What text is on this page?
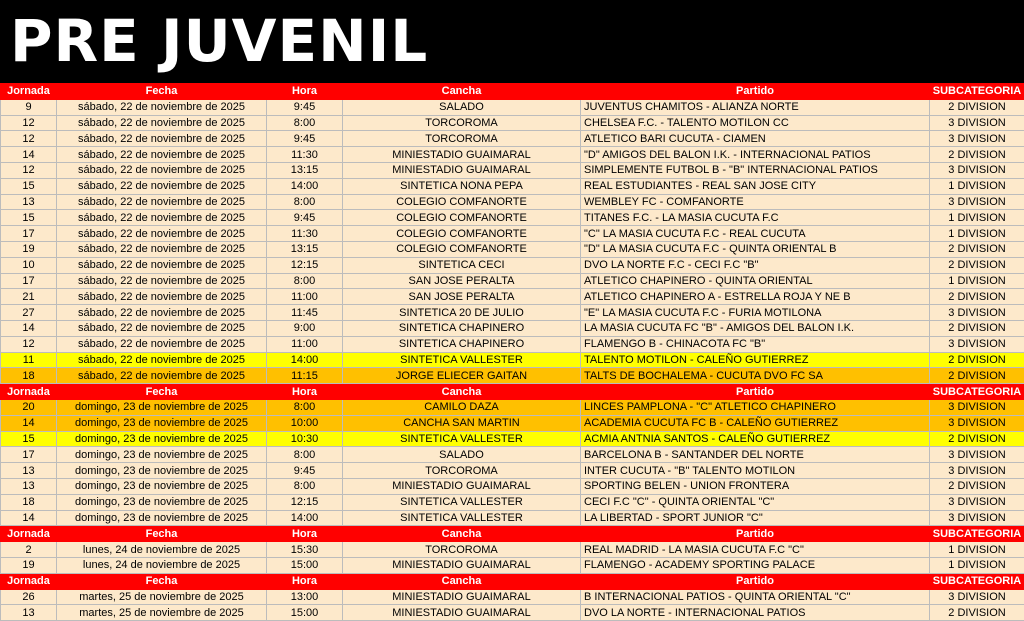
PRE JUVENIL
Jornada	Fecha	Hora	Cancha	Partido	SUBCATEGORIA
9	sábado, 22 de noviembre de 2025	9:45	SALADO	JUVENTUS CHAMITOS - ALIANZA NORTE	2 DIVISION
12	sábado, 22 de noviembre de 2025	8:00	TORCOROMA	CHELSEA F.C. - TALENTO MOTILON CC	3 DIVISION
12	sábado, 22 de noviembre de 2025	9:45	TORCOROMA	ATLETICO BARI CUCUTA - CIAMEN	3 DIVISION
14	sábado, 22 de noviembre de 2025	11:30	MINIESTADIO GUAIMARAL	"D" AMIGOS DEL BALON I.K. - INTERNACIONAL PATIOS	2 DIVISION
12	sábado, 22 de noviembre de 2025	13:15	MINIESTADIO GUAIMARAL	SIMPLEMENTE FUTBOL B - "B" INTERNACIONAL PATIOS	3 DIVISION
15	sábado, 22 de noviembre de 2025	14:00	SINTETICA NONA PEPA	REAL ESTUDIANTES - REAL SAN JOSE CITY	1 DIVISION
13	sábado, 22 de noviembre de 2025	8:00	COLEGIO COMFANORTE	WEMBLEY FC - COMFANORTE	3 DIVISION
15	sábado, 22 de noviembre de 2025	9:45	COLEGIO COMFANORTE	TITANES F.C. - LA MASIA CUCUTA F.C	1 DIVISION
17	sábado, 22 de noviembre de 2025	11:30	COLEGIO COMFANORTE	"C" LA MASIA CUCUTA F.C - REAL CUCUTA	1 DIVISION
19	sábado, 22 de noviembre de 2025	13:15	COLEGIO COMFANORTE	"D" LA MASIA CUCUTA F.C - QUINTA ORIENTAL B	2 DIVISION
10	sábado, 22 de noviembre de 2025	12:15	SINTETICA CECI	DVO LA NORTE F.C - CECI F.C "B"	2 DIVISION
17	sábado, 22 de noviembre de 2025	8:00	SAN JOSE PERALTA	ATLETICO CHAPINERO - QUINTA ORIENTAL	1 DIVISION
21	sábado, 22 de noviembre de 2025	11:00	SAN JOSE PERALTA	ATLETICO CHAPINERO A - ESTRELLA ROJA Y NE B	2 DIVISION
27	sábado, 22 de noviembre de 2025	11:45	SINTETICA 20 DE JULIO	"E" LA MASIA CUCUTA F.C - FURIA MOTILONA	3 DIVISION
14	sábado, 22 de noviembre de 2025	9:00	SINTETICA CHAPINERO	LA MASIA CUCUTA FC "B" - AMIGOS DEL BALON I.K.	2 DIVISION
12	sábado, 22 de noviembre de 2025	11:00	SINTETICA CHAPINERO	FLAMENGO B - CHINACOTA FC "B"	3 DIVISION
11	sábado, 22 de noviembre de 2025	14:00	SINTETICA VALLESTER	TALENTO MOTILON - CALEÑO GUTIERREZ	2 DIVISION
18	sábado, 22 de noviembre de 2025	11:15	JORGE ELIECER GAITAN	TALTS DE BOCHALEMA - CUCUTA DVO FC SA	2 DIVISION
Jornada	Fecha	Hora	Cancha	Partido	SUBCATEGORIA
20	domingo, 23 de noviembre de 2025	8:00	CAMILO DAZA	LINCES PAMPLONA - "C" ATLETICO CHAPINERO	3 DIVISION
14	domingo, 23 de noviembre de 2025	10:00	CANCHA SAN MARTIN	ACADEMIA CUCUTA FC B - CALEÑO GUTIERREZ	3 DIVISION
15	domingo, 23 de noviembre de 2025	10:30	SINTETICA VALLESTER	ACMIA ANTNIA SANTOS - CALEÑO GUTIERREZ	2 DIVISION
17	domingo, 23 de noviembre de 2025	8:00	SALADO	BARCELONA B - SANTANDER DEL NORTE	3 DIVISION
13	domingo, 23 de noviembre de 2025	9:45	TORCOROMA	INTER CUCUTA - "B" TALENTO MOTILON	3 DIVISION
13	domingo, 23 de noviembre de 2025	8:00	MINIESTADIO GUAIMARAL	SPORTING BELEN - UNION FRONTERA	2 DIVISION
18	domingo, 23 de noviembre de 2025	12:15	SINTETICA VALLESTER	CECI F.C "C" - QUINTA ORIENTAL "C"	3 DIVISION
14	domingo, 23 de noviembre de 2025	14:00	SINTETICA VALLESTER	LA LIBERTAD - SPORT JUNIOR "C"	3 DIVISION
Jornada	Fecha	Hora	Cancha	Partido	SUBCATEGORIA
2	lunes, 24 de noviembre de 2025	15:30	TORCOROMA	REAL MADRID - LA MASIA CUCUTA F.C "C"	1 DIVISION
19	lunes, 24 de noviembre de 2025	15:00	MINIESTADIO GUAIMARAL	FLAMENGO - ACADEMY SPORTING PALACE	1 DIVISION
Jornada	Fecha	Hora	Cancha	Partido	SUBCATEGORIA
26	martes, 25 de noviembre de 2025	13:00	MINIESTADIO GUAIMARAL	B INTERNACIONAL PATIOS - QUINTA ORIENTAL "C"	3 DIVISION
13	martes, 25 de noviembre de 2025	15:00	MINIESTADIO GUAIMARAL	DVO LA NORTE - INTERNACIONAL PATIOS	2 DIVISION
